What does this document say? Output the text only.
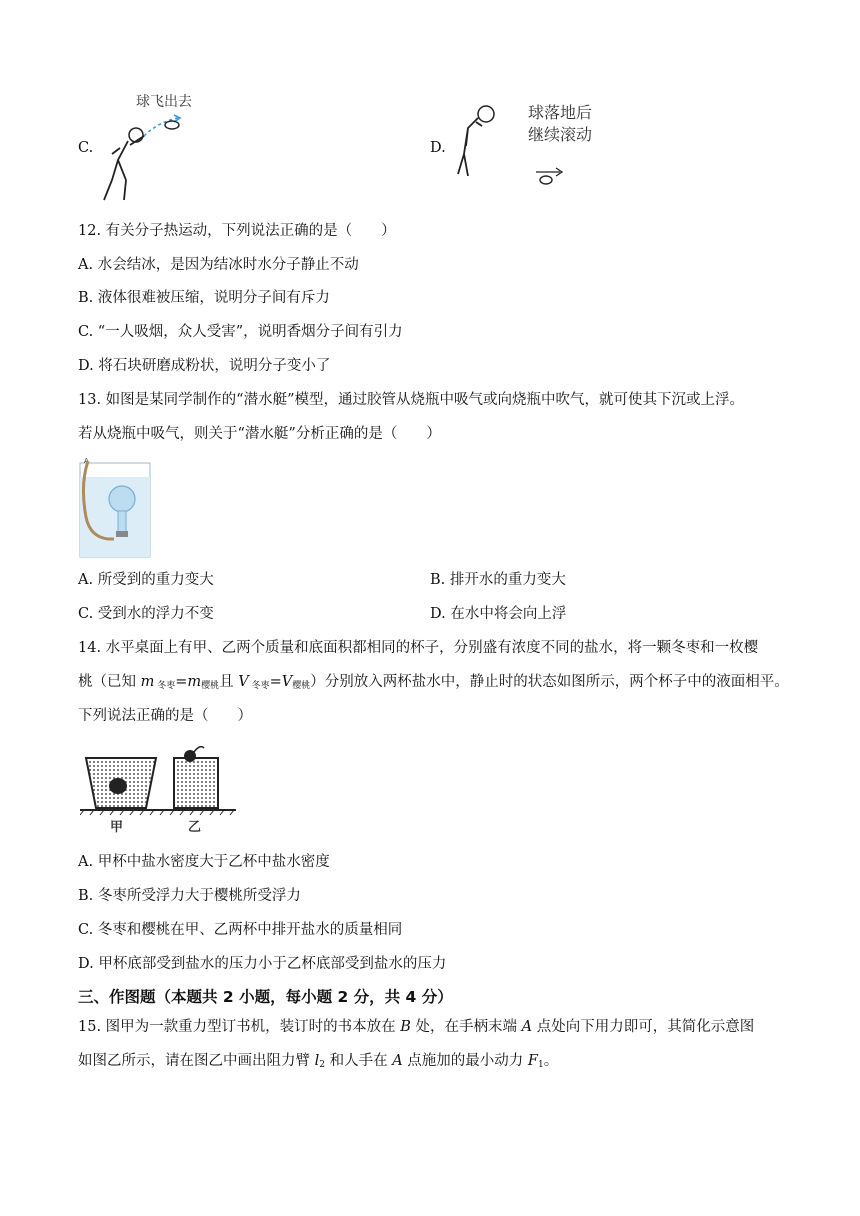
C.
球飞出去
D.
球落地后
继续滚动
12. 有关分子热运动，下列说法正确的是（　　）
A. 水会结冰，是因为结冰时水分子静止不动
B. 液体很难被压缩，说明分子间有斥力
C. “一人吸烟，众人受害”，说明香烟分子间有引力
D. 将石块研磨成粉状，说明分子变小了
13. 如图是某同学制作的“潜水艇”模型，通过胶管从烧瓶中吸气或向烧瓶中吹气，就可使其下沉或上浮。
若从烧瓶中吸气，则关于“潜水艇”分析正确的是（　　）
A
A. 所受到的重力变大	B. 排开水的重力变大
C. 受到水的浮力不变	D. 在水中将会向上浮
14. 水平桌面上有甲、乙两个质量和底面积都相同的杯子，分别盛有浓度不同的盐水，将一颗冬枣和一枚樱
桃（已知 m $_{冬枣}=m_{樱桃}$且 V $_{冬枣}=V_{樱桃}$）分别放入两杯盐水中，静止时的状态如图所示，两个杯子中的液面相平。
下列说法正确的是（　　）
甲	乙
A. 甲杯中盐水密度大于乙杯中盐水密度
B. 冬枣所受浮力大于樱桃所受浮力
C. 冬枣和樱桃在甲、乙两杯中排开盐水的质量相同
D. 甲杯底部受到盐水的压力小于乙杯底部受到盐水的压力
三、作图题（本题共 2 小题，每小题 2 分，共 4 分）
15. 图甲为一款重力型订书机，装订时的书本放在 B 处，在手柄末端 A 点处向下用力即可，其简化示意图
如图乙所示，请在图乙中画出阻力臂 $l_2$ 和人手在 A 点施加的最小动力 $F_1$。
